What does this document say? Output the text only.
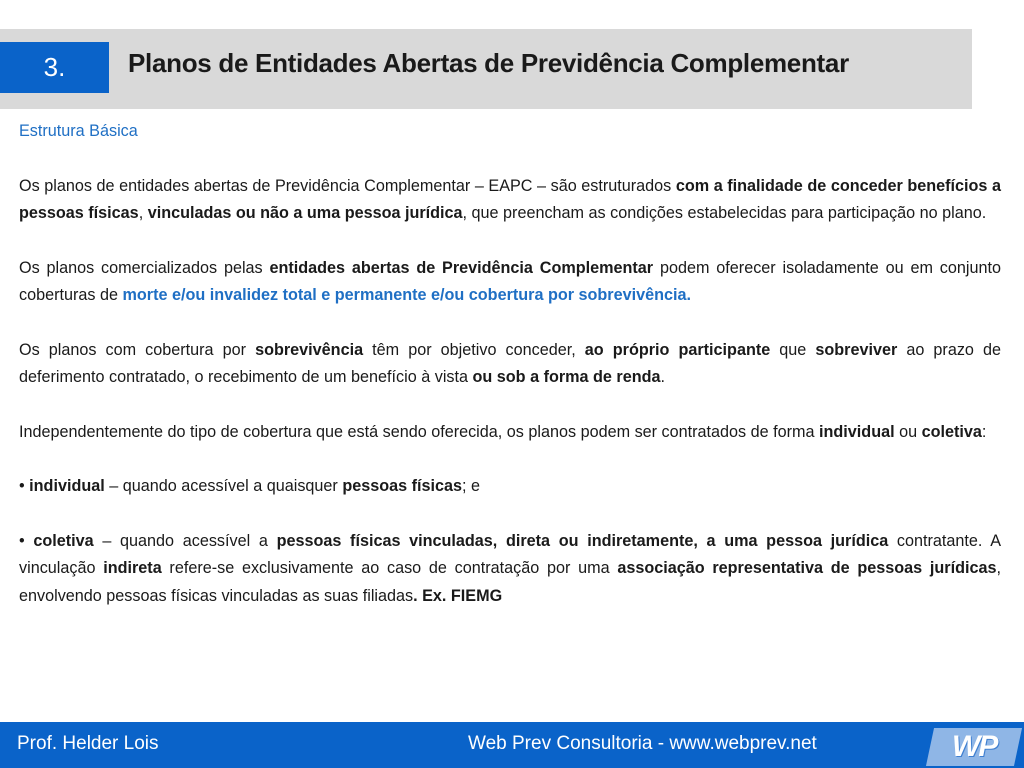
3.	Planos de Entidades Abertas de Previdência Complementar

Estrutura Básica

Os planos de entidades abertas de Previdência Complementar – EAPC – são estruturados com a finalidade de conceder benefícios a pessoas físicas, vinculadas ou não a uma pessoa jurídica, que preencham as condições estabelecidas para participação no plano.

Os planos comercializados pelas entidades abertas de Previdência Complementar podem oferecer isoladamente ou em conjunto coberturas de morte e/ou invalidez total e permanente e/ou cobertura por sobrevivência.

Os planos com cobertura por sobrevivência têm por objetivo conceder, ao próprio participante que sobreviver ao prazo de deferimento contratado, o recebimento de um benefício à vista ou sob a forma de renda.

Independentemente do tipo de cobertura que está sendo oferecida, os planos podem ser contratados de forma individual ou coletiva:

• individual – quando acessível a quaisquer pessoas físicas; e

• coletiva – quando acessível a pessoas físicas vinculadas, direta ou indiretamente, a uma pessoa jurídica contratante. A vinculação indireta refere-se exclusivamente ao caso de contratação por uma associação representativa de pessoas jurídicas, envolvendo pessoas físicas vinculadas as suas filiadas. Ex. FIEMG

Prof. Helder Lois	Web Prev Consultoria - www.webprev.net	WP
